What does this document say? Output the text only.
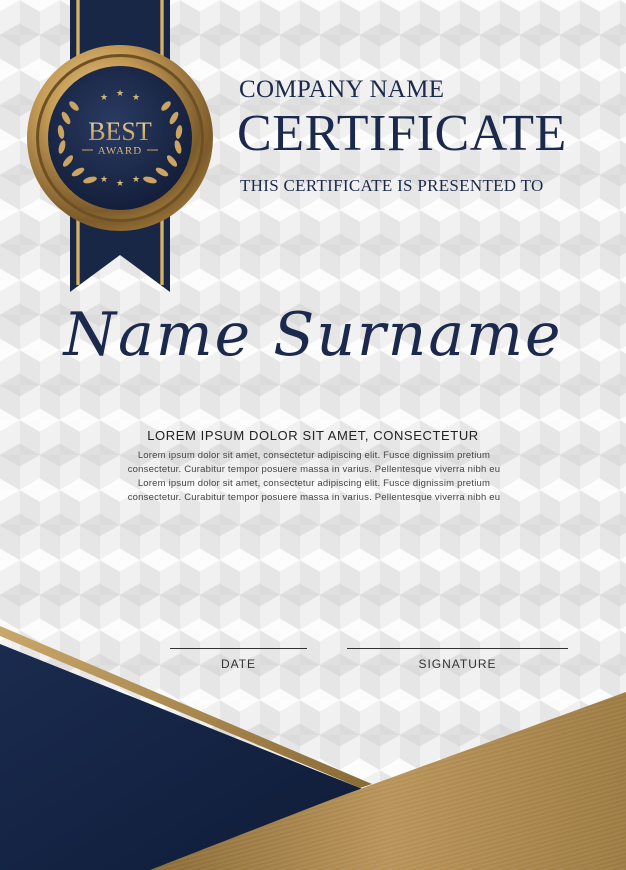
★ ★ ★
★ ★ ★
BEST
AWARD
COMPANY NAME
CERTIFICATE
THIS CERTIFICATE IS PRESENTED TO
Name Surname
LOREM IPSUM DOLOR SIT AMET, CONSECTETUR
Lorem ipsum dolor sit amet, consectetur adipiscing elit. Fusce dignissim pretium
consectetur. Curabitur tempor posuere massa in varius. Pellentesque viverra nibh eu
Lorem ipsum dolor sit amet, consectetur adipiscing elit. Fusce dignissim pretium
consectetur. Curabitur tempor posuere massa in varius. Pellentesque viverra nibh eu
DATE	SIGNATURE
